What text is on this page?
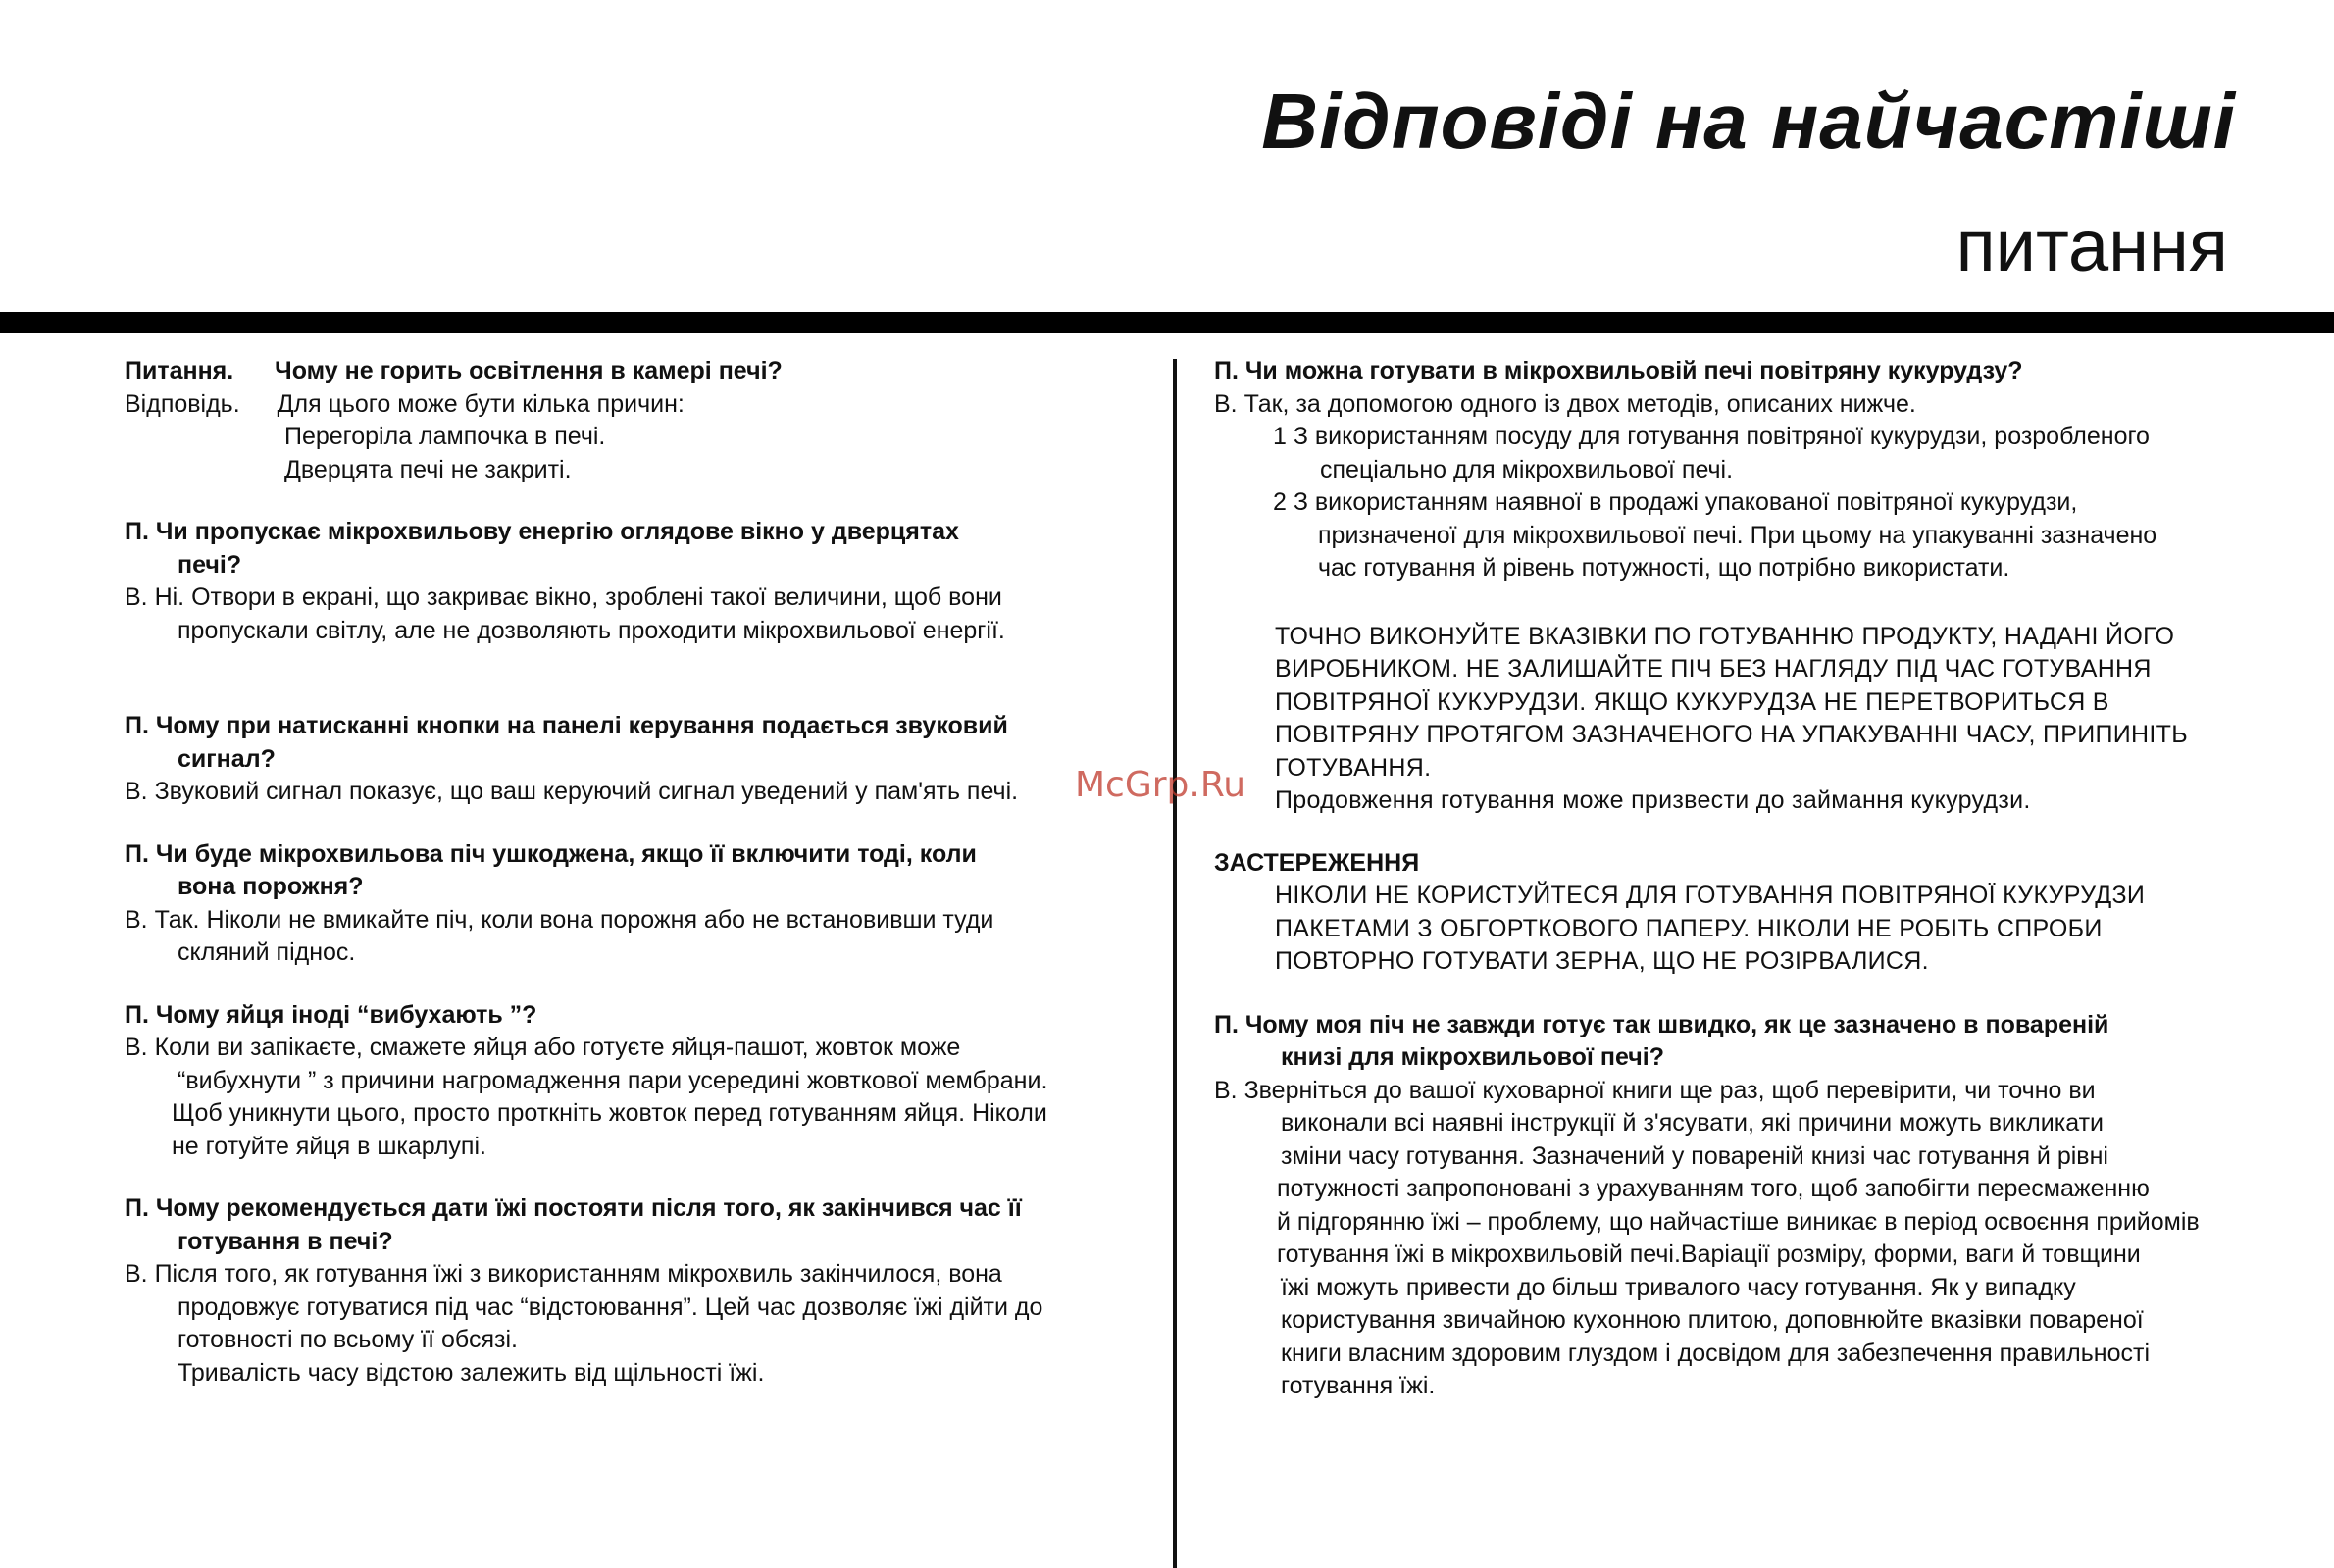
Відповіді на найчастіші
питання
McGrp.Ru
Питання. Чому не горить освітлення в камері печі?
Відповідь. Для цього може бути кілька причин:
Перегоріла лампочка в печі.
Дверцята печі не закриті.
П. Чи пропускає мікрохвильову енергію оглядове вікно у дверцятах
печі?
В. Ні. Отвори в екрані, що закриває вікно, зроблені такої величини, щоб вони
пропускали світлу, але не дозволяють проходити мікрохвильової енергії.
П. Чому при натисканні кнопки на панелі керування подається звуковий
сигнал?
В. Звуковий сигнал показує, що ваш керуючий сигнал уведений у пам'ять печі.
П. Чи буде мікрохвильова піч ушкоджена, якщо її включити тоді, коли
вона порожня?
В. Так. Ніколи не вмикайте піч, коли вона порожня або не встановивши туди
скляний піднос.
П. Чому яйця іноді “вибухають ”?
В. Коли ви запікаєте, смажете яйця або готуєте яйця-пашот, жовток може
“вибухнути ” з причини нагромадження пари усередині жовткової мембрани.
Щоб уникнути цього, просто проткніть жовток перед готуванням яйця. Ніколи
не готуйте яйця в шкарлупі.
П. Чому рекомендується дати їжі постояти після того, як закінчився час її
готування в печі?
В. Після того, як готування їжі з використанням мікрохвиль закінчилося, вона
продовжує готуватися під час “відстоювання”. Цей час дозволяє їжі дійти до
готовності по всьому її обсязі.
Тривалість часу відстою залежить від щільності їжі.
П. Чи можна готувати в мікрохвильовій печі повітряну кукурудзу?
В. Так, за допомогою одного із двох методів, описаних нижче.
1 З використанням посуду для готування повітряної кукурудзи, розробленого
спеціально для мікрохвильової печі.
2 З використанням наявної в продажі упакованої повітряної кукурудзи,
призначеної для мікрохвильової печі. При цьому на упакуванні зазначено
час готування й рівень потужності, що потрібно використати.
ТОЧНО ВИКОНУЙТЕ ВКАЗІВКИ ПО ГОТУВАННЮ ПРОДУКТУ, НАДАНІ ЙОГО
ВИРОБНИКОМ. НЕ ЗАЛИШАЙТЕ ПІЧ БЕЗ НАГЛЯДУ ПІД ЧАС ГОТУВАННЯ
ПОВІТРЯНОЇ КУКУРУДЗИ. ЯКЩО КУКУРУДЗА НЕ ПЕРЕТВОРИТЬСЯ В
ПОВІТРЯНУ ПРОТЯГОМ ЗАЗНАЧЕНОГО НА УПАКУВАННІ ЧАСУ, ПРИПИНІТЬ
ГОТУВАННЯ.
Продовження готування може призвести до займання кукурудзи.
ЗАСТЕРЕЖЕННЯ
НІКОЛИ НЕ КОРИСТУЙТЕСЯ ДЛЯ ГОТУВАННЯ ПОВІТРЯНОЇ КУКУРУДЗИ
ПАКЕТАМИ З ОБГОРТКОВОГО ПАПЕРУ. НІКОЛИ НЕ РОБІТЬ СПРОБИ
ПОВТОРНО ГОТУВАТИ ЗЕРНА, ЩО НЕ РОЗІРВАЛИСЯ.
П. Чому моя піч не завжди готує так швидко, як це зазначено в повареній
книзі для мікрохвильової печі?
В. Зверніться до вашої куховарної книги ще раз, щоб перевірити, чи точно ви
виконали всі наявні інструкції й з'ясувати, які причини можуть викликати
зміни часу готування. Зазначений у повареній книзі час готування й рівні
потужності запропоновані з урахуванням того, щоб запобігти пересмаженню
й підгорянню їжі – проблему, що найчастіше виникає в період освоєння прийомів
готування їжі в мікрохвильовій печі.Варіації розміру, форми, ваги й товщини
їжі можуть привести до більш тривалого часу готування. Як у випадку
користування звичайною кухонною плитою, доповнюйте вказівки поваренoї
книги власним здоровим глуздом і досвідом для забезпечення правильності
готування їжі.
